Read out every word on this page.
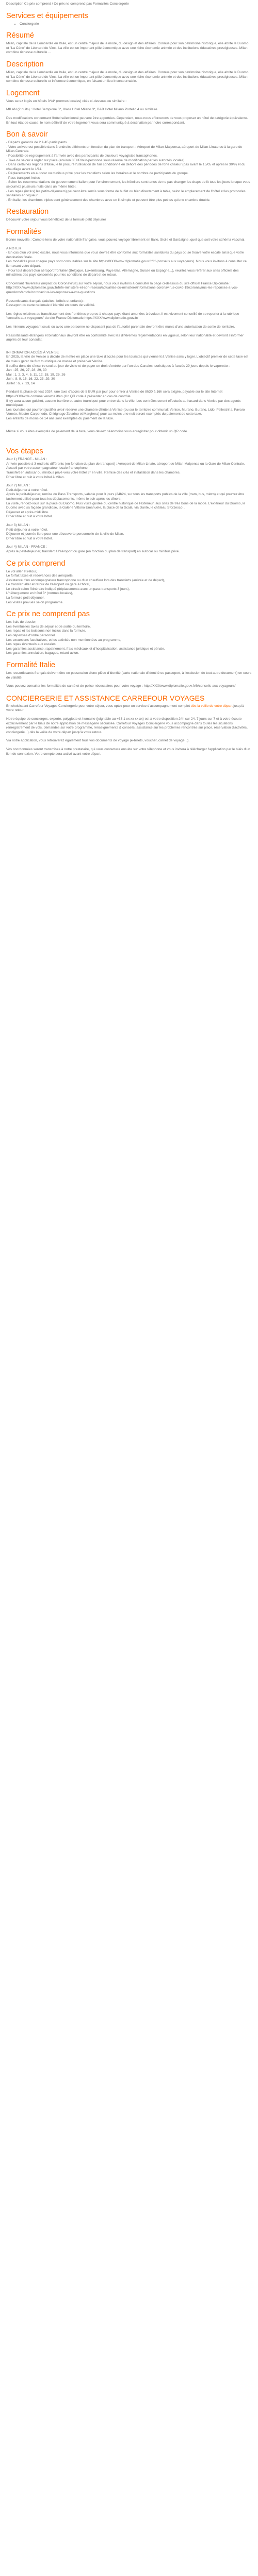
Description Ce prix comprend / Ce prix ne comprend pas Formalités Conciergerie
Services et équipements
• Conciergerie
Résumé

Milan, capitale de la Lombardie en Italie, est un centre majeur de la mode, du design et des affaires. Connue pour son patrimoine historique, elle abrite le Duomo et "La Cène" de Léonard de Vinci. La ville est un important pôle économique avec une riche économie animée et des institutions éducatives prestigieuses. Milan combine richesse culturelle ...

Description

Milan, capitale de la Lombardie en Italie, est un centre majeur de la mode, du design et des affaires. Connue pour son patrimoine historique, elle abrite le Duomo et "La Cène" de Léonard de Vinci. La ville est un important pôle économique avec une riche économie animée et des institutions éducatives prestigieuses. Milan combine richesse culturelle et influence économique, en faisant un lieu incontournable.

Logement

Vous serez logés en hôtels 3*/4* (normes locales) cités ci-dessous ou similaire :

MILAN (2 nuits) : Hotel Sempione 3*, Klass Hôtel Milano 3*, B&B Hôtel Milano Portello 4 ou similaire.

Des modifications concernant l'hôtel sélectionné peuvent être apportées. Cependant, nous nous efforcerons de vous proposer un hôtel de catégorie équivalente. En tout état de cause, le nom définitif de votre logement vous sera communiqué à destination par notre correspondant.

Bon à savoir

- Départs garantis de 2 à 45 participants.

- Votre arrivée est possible dans 3 endroits différents en fonction du plan de transport : Aéroport de Milan-Malpensa, aéroport de Milan-Linate ou à la gare de Milan-Centrale.

- Possibilité de regroupement à l'arrivée avec des participants de plusieurs voyagistes francophones.

- Taxe de séjour à régler sur place (environ 8EUR/nuit/personne sous réserve de modification par les autorités locales).

- Dans certaines régions d'Italie, le tri procuré l'utilisation de l'air conditionné en dehors des périodes de forte chaleur (pas avant le 15/05 et après le 30/9) et du chauffage avant le 1/11.

- Déplacements en autocar ou minibus privé pour les transferts selon les horaires et le nombre de participants du groupe.

- Pass transport inclus

- Selon les recommandations du gouvernement italien pour l'environnement, les hôteliers sont tenus de ne pas changer les draps de lit tous les jours lorsque vous séjournez plusieurs nuits dans un même hôtel.

- Les repas (inclus) les petits-déjeuners) peuvent être servis sous forme de buffet ou bien directement à table, selon le emplacement de l'hôtel et les protocoles sanitaires en vigueur.

- En Italie, les chambres triples sont généralement des chambres avec un lit simple et peuvent être plus petites qu'une chambre double.

Restauration

Découvrir votre séjour vous bénéficiez de la formule petit déjeuner

Formalités

Bonne nouvelle : Compte tenu de votre nationalité française, vous pouvez voyager librement en Italie, Sicile et Sardaigne, quel que soit votre schéma vaccinal.

A NOTER

- En cas d'un vol avec escale, nous vous informons que vous devrez être conforme aux formalités sanitaires du pays où se trouve votre escale ainsi que votre destination finale.

Les modalités pour chaque pays sont consultables sur le site https://XXX/www.diplomatie.gouv.fr/fr/ (conseils aux voyageurs). Nous vous invitons à consulter ce lien avant votre départ.

- Pour tout départ d'un aéroport frontalier (Belgique, Luxembourg, Pays-Bas, Allemagne, Suisse ou Espagne...), veuillez vous référer aux sites officiels des ministères des pays concernés pour les conditions de départ et de retour.

Concernant l'Inventeur (impact du Coronavirus) sur votre séjour, nous vous invitons à consulter la page ci-dessous du site officiel France Diplomatie : http://XXX/www.diplomatie.gouv.fr/fr/le-ministere-et-son-reseau/actualites-du-ministere/informations-coronavirus-covid-19/coronavirus-les-reponses-a-vos-questions/article/coronavirus-les-reponses-a-vos-questions

Ressortissants français (adultes, bébés et enfants) :

Passeport ou carte nationale d'identité en cours de validité.

Les règles relatives au franchissement des frontières propres à chaque pays étant amenées à évoluer, il est vivement conseillé de se reporter à la rubrique "conseils aux voyageurs" du site France Diplomatie,https://XXX/www.diplomatie.gouv.fr/

Les mineurs voyageant seuls ou avec une personne ne disposant pas de l'autorité parentale devront être munis d'une autorisation de sortie de territoire.

Ressortissants étrangers et binationaux devront être en conformité avec les différentes réglementations en vigueur, selon leur nationalité et devront s'informer auprès de leur consulat.

INFORMATION ACCÈS À VENISE

En 2025, la ville de Venise a décidé de mettre en place une taxe d'accès pour les touristes qui viennent à Venise sans y loger. L'objectif premier de cette taxe est de mieux gérer de flux touristique de masse et préserver Venise.

Il suffira donc de s'inscrire seul au jour de visite et de payer un droit d'entrée par l'un des Canales touristiques à l'accès 29 jours depuis le vaporetto :

Jan : 25, 26, 27, 28, 29, 30

Mai : 1, 2, 3, 4, 5, 11, 12, 18, 19, 25, 26

Juin : 8, 9, 15, 16, 22, 23, 29, 30

Juillet : 6, 7, 13, 14

Pendant la phase de test 2024, une taxe d'accès de 5 EUR par jour pour entrer à Venise de 8h30 à 16h sera exigée, payable sur le site Internet https://XXX/cda.comune.venezia.it/en (Un QR code à présenter en cas de contrôle.

Il n'y aura aucun guichet, aucune barrière ou autre tourniquet pour entrer dans la ville. Les contrôles seront effectués au hasard dans Venise par des agents municipaux.

Les touristes qui pourront justifier avoir réservé une chambre d'hôtel à Venise (ou sur le territoire communal: Venise, Murano, Burano, Lido, Pellestrina, Favaro Veneto, Mestre-Carpenedo, Chirignago-Zelarino et Marghera) pour au moins une nuit seront exemptés du paiement de cette taxe.

Les enfants de moins de 14 ans sont exemptés du paiement de la taxe.

Même si vous êtes exemptés de paiement de la taxe, vous devrez néanmoins vous enregistrer pour obtenir un QR code.

Vos étapes

Jour 1) FRANCE - MILAN :

Arrivée possible à 3 endroits différents (en fonction du plan de transport) : Aéroport de Milan-Linate, aéroport de Milan-Malpensa ou la Gare de Milan-Centrale. Accueil par votre accompagnateur locale francophone.

Transfert en autocar ou minibus privé vers votre hôtel 3* en ville. Remise des clés et installation dans les chambres.

Dîner libre et nuit à votre hôtel à Milan.

Jour 2) MILAN :

Petit-déjeuner à votre hôtel.

Après le petit-déjeuner, remise du Pass Transports, valable pour 3 jours (24h24, sur tous les transports publics de la ville (tram, bus, métro) et qui pourrez être facilement utilisé pour tous les déplacements, même le soir après les dîners.

La visite, rendez-vous sur la place du Duomo. Puis visite guidée du centre historique de l'extérieur, aux sites de très bons de la mode. L'extérieur du Duomo, le Duomo avec sa façade grandiose, la Galerie Vittorio Emanuele, la place de la Scala, via Dante, le château Sforzesco...

Déjeuner et après-midi libre.

Dîner libre et nuit à votre hôtel.

Jour 3) MILAN :

Petit-déjeuner à votre hôtel.

Déjeuner et journée libre pour une découverte personnelle de la ville de Milan.

Dîner libre et nuit à votre hôtel.

Jour 4) MILAN - FRANCE :

Après le petit-déjeuner, transfert à l'aéroport ou gare (en fonction du plan de transport) en autocar ou minibus privé.

Ce prix comprend

Le vol aller et retour,

Le forfait taxes et redevances des aéroports,

Assistance d'un accompagnateur francophone ou d'un chauffeur lors des transferts (arrivée et de départ),

Le transfert aller et retour de l'aéroport ou gare à l'hôtel,

Le circuit selon l'itinéraire indiqué (déplacements avec un pass transports 3 jours),

L'hébergement en hôtel 3* (normes locales),

La formule petit déjeuner,

Les visites prévues selon programme.

Ce prix ne comprend pas

Les frais de dossier,

Les éventuelles taxes de séjour et de sortie du territoire,

Les repas et les boissons non inclus dans la formule,

Les dépenses d'ordre personnel

Les excursions facultatives, et les activités non mentionnées au programme,

Les repas éventuels aux escales

Les garanties assistance, rapatriement, frais médicaux et d'hospitalisation, assistance juridique et pénale,

Les garanties annulation, bagages, retard avion.

Formalité Italie

Les ressortissants français doivent être en possession d'une pièce d'identité (carte nationale d'identité ou passeport, à l'exclusion de tout autre document) en cours de validité.

Vous pouvez consulter les formalités de santé et de police nécessaires pour votre voyage : http://XXX/www.diplomatie.gouv.fr/fr/conseils-aux-voyageurs/

CONCIERGERIE ET ASSISTANCE CARREFOUR VOYAGES

En choisissant Carrefour Voyages Conciergerie pour votre séjour, vous optez pour un service d'accompagnement complet dès la veille de votre départ jusqu'à votre retour.

Notre équipe de concierges, experte, polyglotte et humaine (joignable au +33 1 xx xx xx xx) est à votre disposition 24h sur 24, 7 jours sur 7 et à votre écoute exclusivement par le biais de notre application de messagerie sécurisée. Carrefour Voyages Conciergerie vous accompagne dans toutes les situations (enregistrement de vols, demandes sur votre programme, renseignements & conseils, assistance sur les problèmes rencontrés sur place, réservation d'activités, conciergerie...) dès la veille de votre départ jusqu'à votre retour.

Via notre application, vous retrouverez également tous vos documents de voyage (e-billets, voucher, carnet de voyage...).

Vos coordonnées seront transmises à notre prestataire, qui vous contactera ensuite sur votre téléphone et vous invitera à télécharger l'application par le biais d'un lien de connexion. Votre compte sera activé avant votre départ.
